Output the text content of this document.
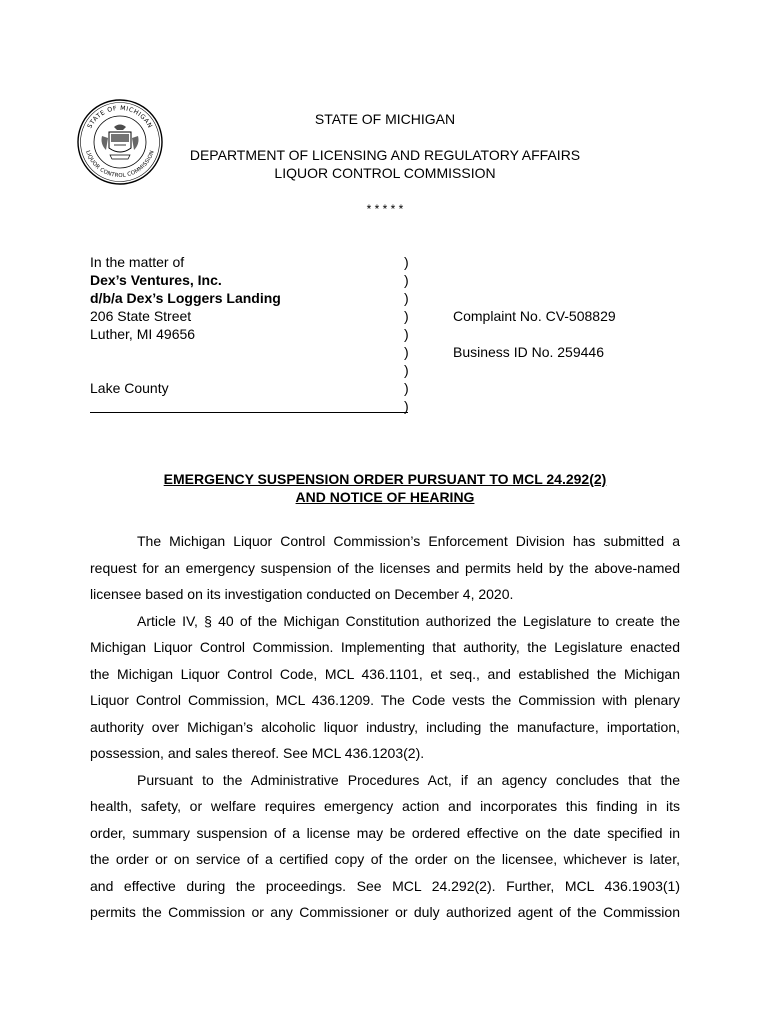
STATE OF MICHIGAN
LIQUOR CONTROL COMMISSION
STATE OF MICHIGAN
DEPARTMENT OF LICENSING AND REGULATORY AFFAIRS
LIQUOR CONTROL COMMISSION
* * * * *
In the matter of
Dex’s Ventures, Inc.
d/b/a Dex’s Loggers Landing
206 State Street
Luther, MI 49656
Lake County
)
)
)
)
)
)
)
)
)
Complaint No. CV-508829
Business ID No. 259446
EMERGENCY SUSPENSION ORDER PURSUANT TO MCL 24.292(2)
AND NOTICE OF HEARING
The Michigan Liquor Control Commission’s Enforcement Division has submitted a
request for an emergency suspension of the licenses and permits held by the above-named
licensee based on its investigation conducted on December 4, 2020.
Article IV, § 40 of the Michigan Constitution authorized the Legislature to create the
Michigan Liquor Control Commission. Implementing that authority, the Legislature enacted
the Michigan Liquor Control Code, MCL 436.1101, et seq., and established the Michigan
Liquor Control Commission, MCL 436.1209. The Code vests the Commission with plenary
authority over Michigan’s alcoholic liquor industry, including the manufacture, importation,
possession, and sales thereof. See MCL 436.1203(2).
Pursuant to the Administrative Procedures Act, if an agency concludes that the
health, safety, or welfare requires emergency action and incorporates this finding in its
order, summary suspension of a license may be ordered effective on the date specified in
the order or on service of a certified copy of the order on the licensee, whichever is later,
and effective during the proceedings. See MCL 24.292(2). Further, MCL 436.1903(1)
permits the Commission or any Commissioner or duly authorized agent of the Commission
